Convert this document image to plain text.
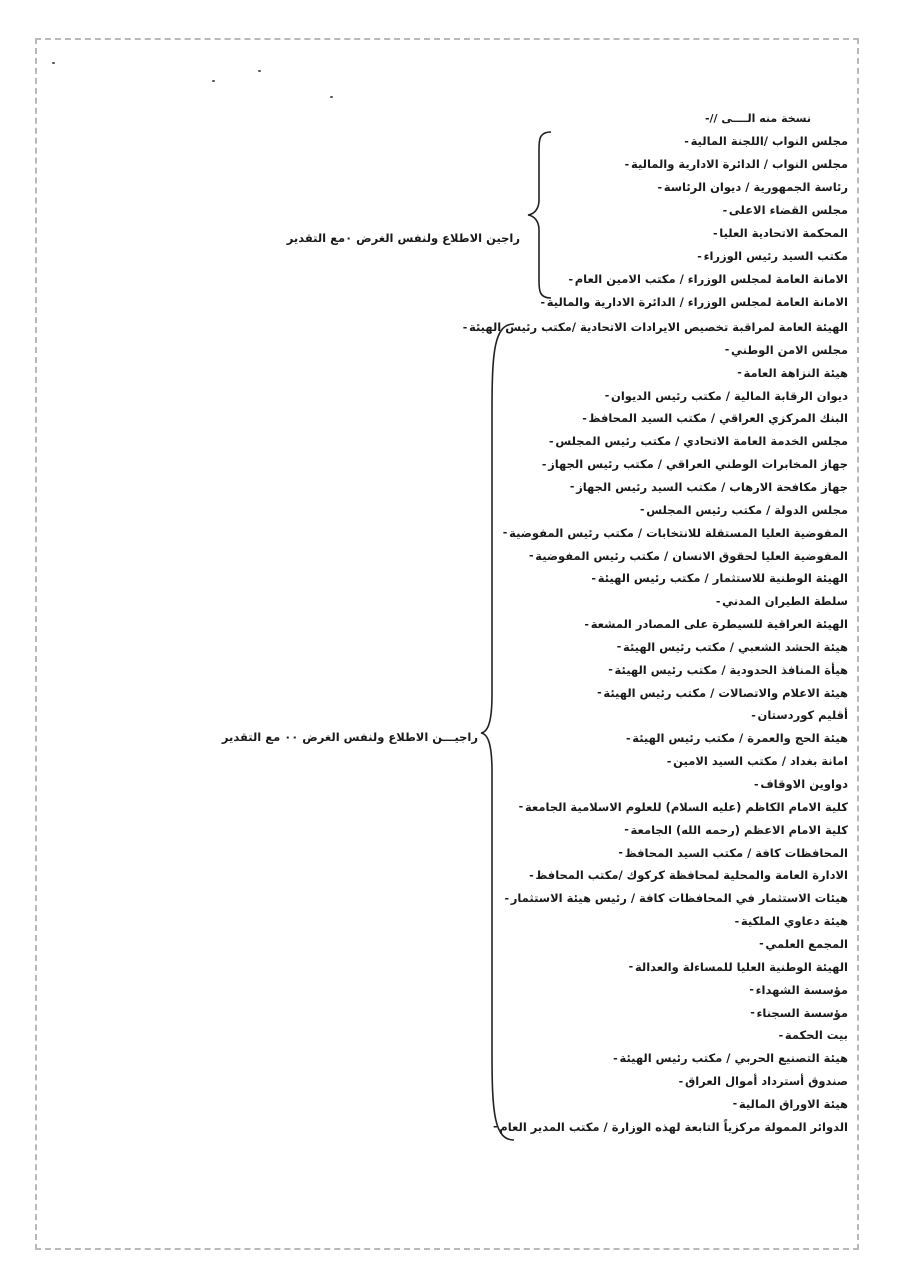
نسخة منه الــــى //-
- مجلس النواب /اللجنة المالية
- مجلس النواب / الدائرة الادارية والمالية
- رئاسة الجمهورية / ديوان الرئاسة
- مجلس القضاء الاعلى
- المحكمة الاتحادية العليا
- مكتب السيد رئيس الوزراء
- الامانة العامة لمجلس الوزراء / مكتب الامين العام
- الامانة العامة لمجلس الوزراء / الدائرة الادارية والمالية
راجين الاطلاع ولنفس الغرض ٠مع التقدير
- الهيئة العامة لمراقبة تخصيص الايرادات الاتحادية /مكتب رئيس الهيئة
- مجلس الامن الوطني
- هيئة النزاهة العامة
- ديوان الرقابة المالية / مكتب رئيس الديوان
- البنك المركزي العراقي / مكتب السيد المحافظ
- مجلس الخدمة العامة الاتحادي / مكتب رئيس المجلس
- جهاز المخابرات الوطني العراقي / مكتب رئيس الجهاز
- جهاز مكافحة الارهاب / مكتب السيد رئيس الجهاز
- مجلس الدولة / مكتب رئيس المجلس
- المفوضية العليا المستقلة للانتخابات / مكتب رئيس المفوضية
- المفوضية العليا لحقوق الانسان / مكتب رئيس المفوضية
- الهيئة الوطنية للاستثمار / مكتب رئيس الهيئة
- سلطة الطيران المدني
- الهيئة العراقية للسيطرة على المصادر المشعة
- هيئة الحشد الشعبي / مكتب رئيس الهيئة
- هيأة المنافذ الحدودية / مكتب رئيس الهيئة
- هيئة الاعلام والاتصالات / مكتب رئيس الهيئة
- أقليم كوردستان
- هيئة الحج والعمرة / مكتب رئيس الهيئة
- امانة بغداد / مكتب السيد الامين
- دواوين الاوقاف
- كلية الامام الكاظم (عليه السلام) للعلوم الاسلامية الجامعة
- كلية الامام الاعظم (رحمه الله) الجامعة
- المحافظات كافة / مكتب السيد المحافظ
- الادارة العامة والمحلية لمحافظة كركوك /مكتب المحافظ
- هيئات الاستثمار في المحافظات كافة / رئيس هيئة الاستثمار
- هيئة دعاوي الملكية
- المجمع العلمي
- الهيئة الوطنية العليا للمساءلة والعدالة
- مؤسسة الشهداء
- مؤسسة السجناء
- بيت الحكمة
- هيئة التصنيع الحربي / مكتب رئيس الهيئة
- صندوق أسترداد أموال العراق
- هيئة الاوراق المالية
- الدوائر الممولة مركزياً التابعة لهذه الوزارة / مكتب المدير العام
راجيـــن الاطلاع ولنفس الغرض ٠٠ مع التقدير
